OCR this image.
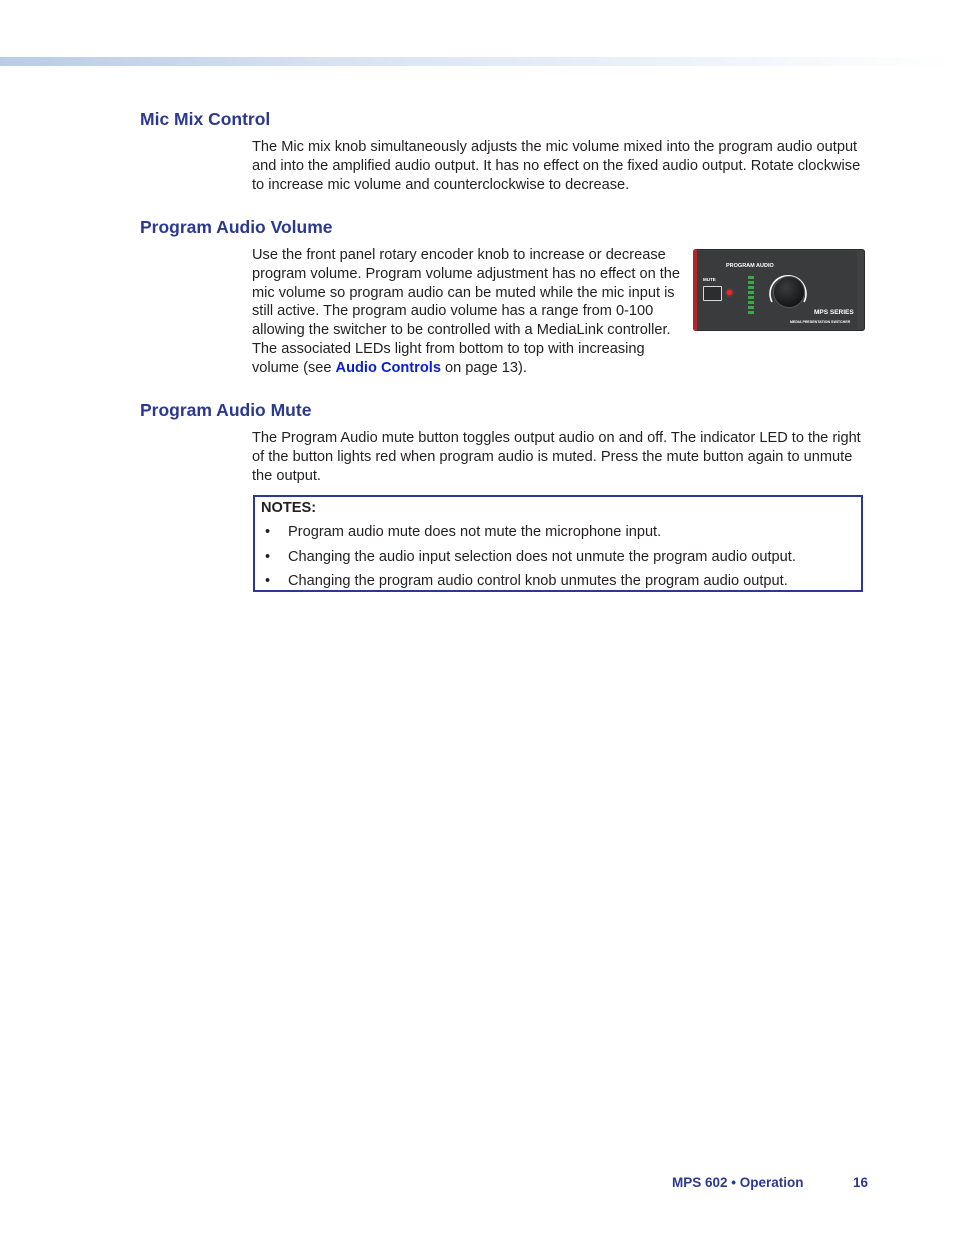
Mic Mix Control

The Mic mix knob simultaneously adjusts the mic volume mixed into the program audio output and into the amplified audio output. It has no effect on the fixed audio output. Rotate clockwise to increase mic volume and counterclockwise to decrease.

Program Audio Volume

Use the front panel rotary encoder knob to increase or decrease program volume. Program volume adjustment has no effect on the mic volume so program audio can be muted while the mic input is still active. The program audio volume has a range from 0-100 allowing the switcher to be controlled with a MediaLink controller. The associated LEDs light from bottom to top with increasing volume (see Audio Controls on page 13).

PROGRAM AUDIO
MUTE
MPS SERIES
MEDIA PRESENTATION SWITCHER
Program Audio Mute

The Program Audio mute button toggles output audio on and off. The indicator LED to the right of the button lights red when program audio is muted. Press the mute button again to unmute the output.

NOTES:
• Program audio mute does not mute the microphone input.
• Changing the audio input selection does not unmute the program audio output.
• Changing the program audio control knob unmutes the program audio output.
MPS 602 • Operation	16
